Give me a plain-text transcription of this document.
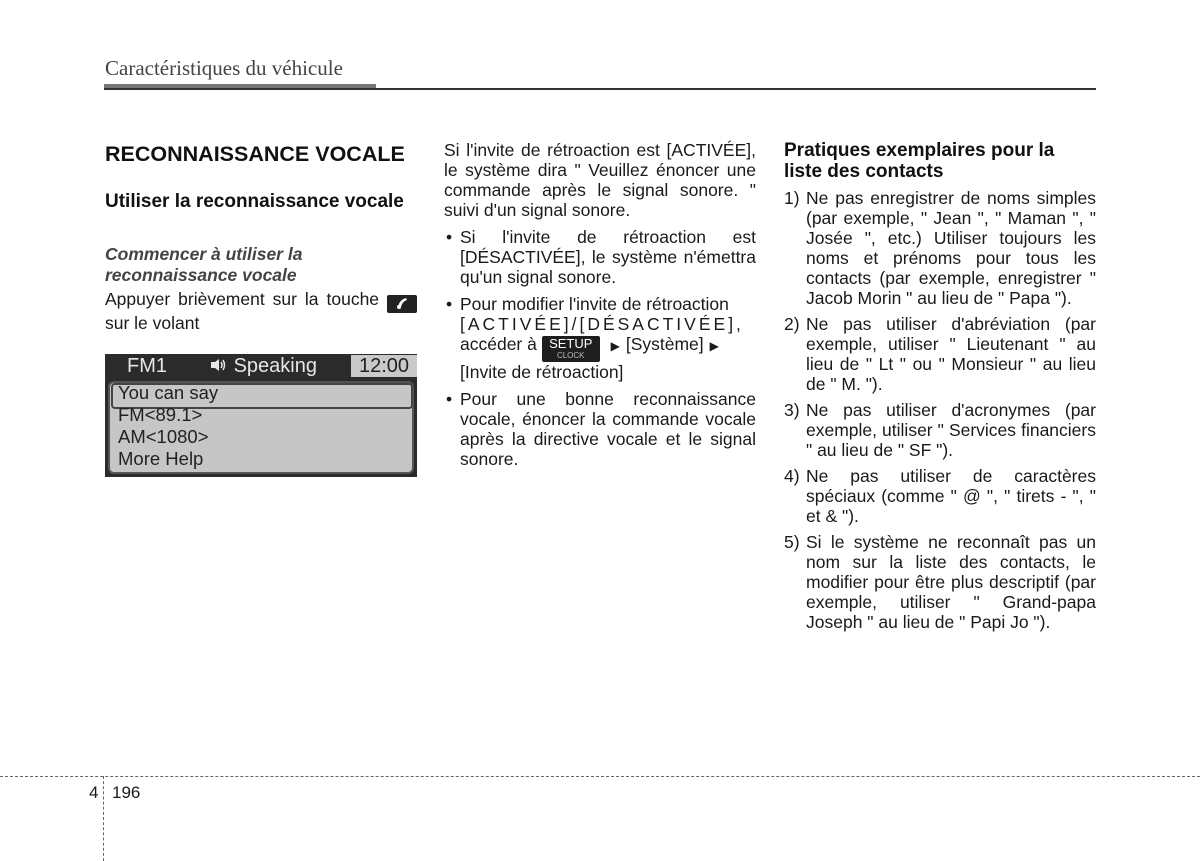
Caractéristiques du véhicule
RECONNAISSANCE VOCALE
Utiliser la reconnaissance vocale
Commencer à utiliser la reconnaissance vocale

Appuyer brièvement sur la touche  sur le volant

FM1	Speaking	12:00
You can say
FM<89.1>
AM<1080>
More Help

Si l'invite de rétroaction est [ACTIVÉE], le système dira " Veuillez énoncer une commande après le signal sonore. " suivi d'un signal sonore.

• Si l'invite de rétroaction est [DÉSACTIVÉE], le système n'émettra qu'un signal sonore.
• Pour modifier l'invite de rétroaction
[ACTIVÉE]/[DÉSACTIVÉE],
accéder à SETUP
CLOCK
▶ [Système] ▶
[Invite de rétroaction]
• Pour une bonne reconnaissance vocale, énoncer la commande vocale après la directive vocale et le signal sonore.
Pratiques exemplaires pour la liste des contacts
1) Ne pas enregistrer de noms simples (par exemple, " Jean ", " Maman ", " Josée ", etc.) Utiliser toujours les noms et prénoms pour tous les contacts (par exemple, enregistrer " Jacob Morin " au lieu de " Papa ").
2) Ne pas utiliser d'abréviation (par exemple, utiliser " Lieutenant " au lieu de " Lt " ou " Monsieur " au lieu de " M. ").
3) Ne pas utiliser d'acronymes (par exemple, utiliser " Services financiers " au lieu de " SF ").
4) Ne pas utiliser de caractères spéciaux (comme " @ ", " tirets - ", " et & ").
5) Si le système ne reconnaît pas un nom sur la liste des contacts, le modifier pour être plus descriptif (par exemple, utiliser " Grand-papa Joseph " au lieu de " Papi Jo ").
4 196
